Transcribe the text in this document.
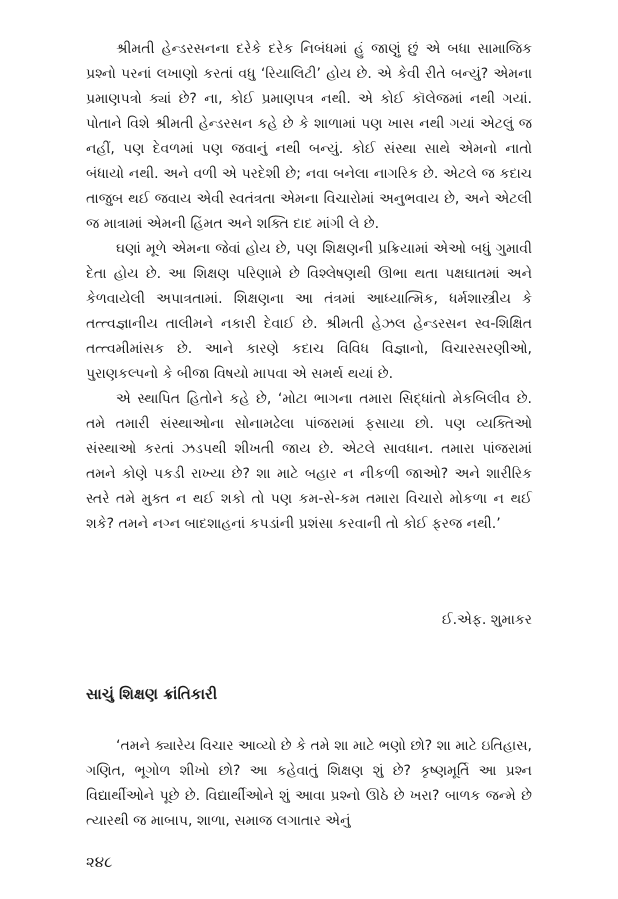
શ્રીમતી હેન્ડરસનના દરેકે દરેક નિબંધમાં હું જાણું છું એ બધા સામાજિક પ્રશ્નો પરનાં લખાણો કરતાં વધુ ‘રિયાલિટી’ હોય છે. એ કેવી રીતે બન્યું? એમના પ્રમાણપત્રો ક્યાં છે? ના, કોઈ પ્રમાણપત્ર નથી. એ કોઈ કૉલેજમાં નથી ગયાં. પોતાને વિશે શ્રીમતી હેન્ડરસન કહે છે કે શાળામાં પણ ખાસ નથી ગયાં એટલું જ નહીં, પણ દેવળમાં પણ જવાનું નથી બન્યું. કોઈ સંસ્થા સાથે એમનો નાતો બંધાયો નથી. અને વળી એ પરદેશી છે; નવા બનેલા નાગરિક છે. એટલે જ કદાચ તાજુબ થઈ જવાય એવી સ્વતંત્રતા એમના વિચારોમાં અનુભવાય છે, અને એટલી જ માત્રામાં એમની હિંમત અને શક્તિ દાદ માંગી લે છે.

ઘણાં મૂળે એમના જેવાં હોય છે, પણ શિક્ષણની પ્રક્રિયામાં એઓ બધું ગુમાવી દેતા હોય છે. આ શિક્ષણ પરિણામે છે વિશ્લેષણથી ઊભા થતા પક્ષઘાતમાં અને કેળવાયેલી અપાત્રતામાં. શિક્ષણના આ તંત્રમાં આધ્યાત્મિક, ધર્મશાસ્ત્રીય કે તત્ત્વજ્ઞાનીય તાલીમને નકારી દેવાઈ છે. શ્રીમતી હેઝલ હેન્ડરસન સ્વ-શિક્ષિત તત્ત્વમીમાંસક છે. આને કારણે કદાચ વિવિધ વિજ્ઞાનો, વિચારસરણીઓ, પુરાણકલ્પનો કે બીજા વિષયો માપવા એ સમર્થ થયાં છે.

એ સ્થાપિત હિતોને કહે છે, ‘મોટા ભાગના તમારા સિદ્ધાંતો મેકબિલીવ છે. તમે તમારી સંસ્થાઓના સોનામઢેલા પાંજરામાં ફસાયા છો. પણ વ્યક્તિઓ સંસ્થાઓ કરતાં ઝડપથી શીખતી જાય છે. એટલે સાવધાન. તમારા પાંજરામાં તમને કોણે પકડી રાખ્યા છે? શા માટે બહાર ન નીકળી જાઓ? અને શારીરિક સ્તરે તમે મુક્ત ન થઈ શકો તો પણ કમ-સે-કમ તમારા વિચારો મોકળા ન થઈ શકે? તમને નગ્ન બાદશાહનાં કપડાંની પ્રશંસા કરવાની તો કોઈ ફરજ નથી.’

ઈ.એફ. શુમાકર
સાચું શિક્ષણ ક્રાંતિકારી

‘તમને ક્યારેય વિચાર આવ્યો છે કે તમે શા માટે ભણો છો? શા માટે ઇતિહાસ, ગણિત, ભૂગોળ શીખો છો? આ કહેવાતું શિક્ષણ શું છે? કૃષ્ણમૂર્તિ આ પ્રશ્ન વિદ્યાર્થીઓને પૂછે છે. વિદ્યાર્થીઓને શું આવા પ્રશ્નો ઊઠે છે ખરા? બાળક જન્મે છે ત્યારથી જ માબાપ, શાળા, સમાજ લગાતાર એનું

૨૪૮
